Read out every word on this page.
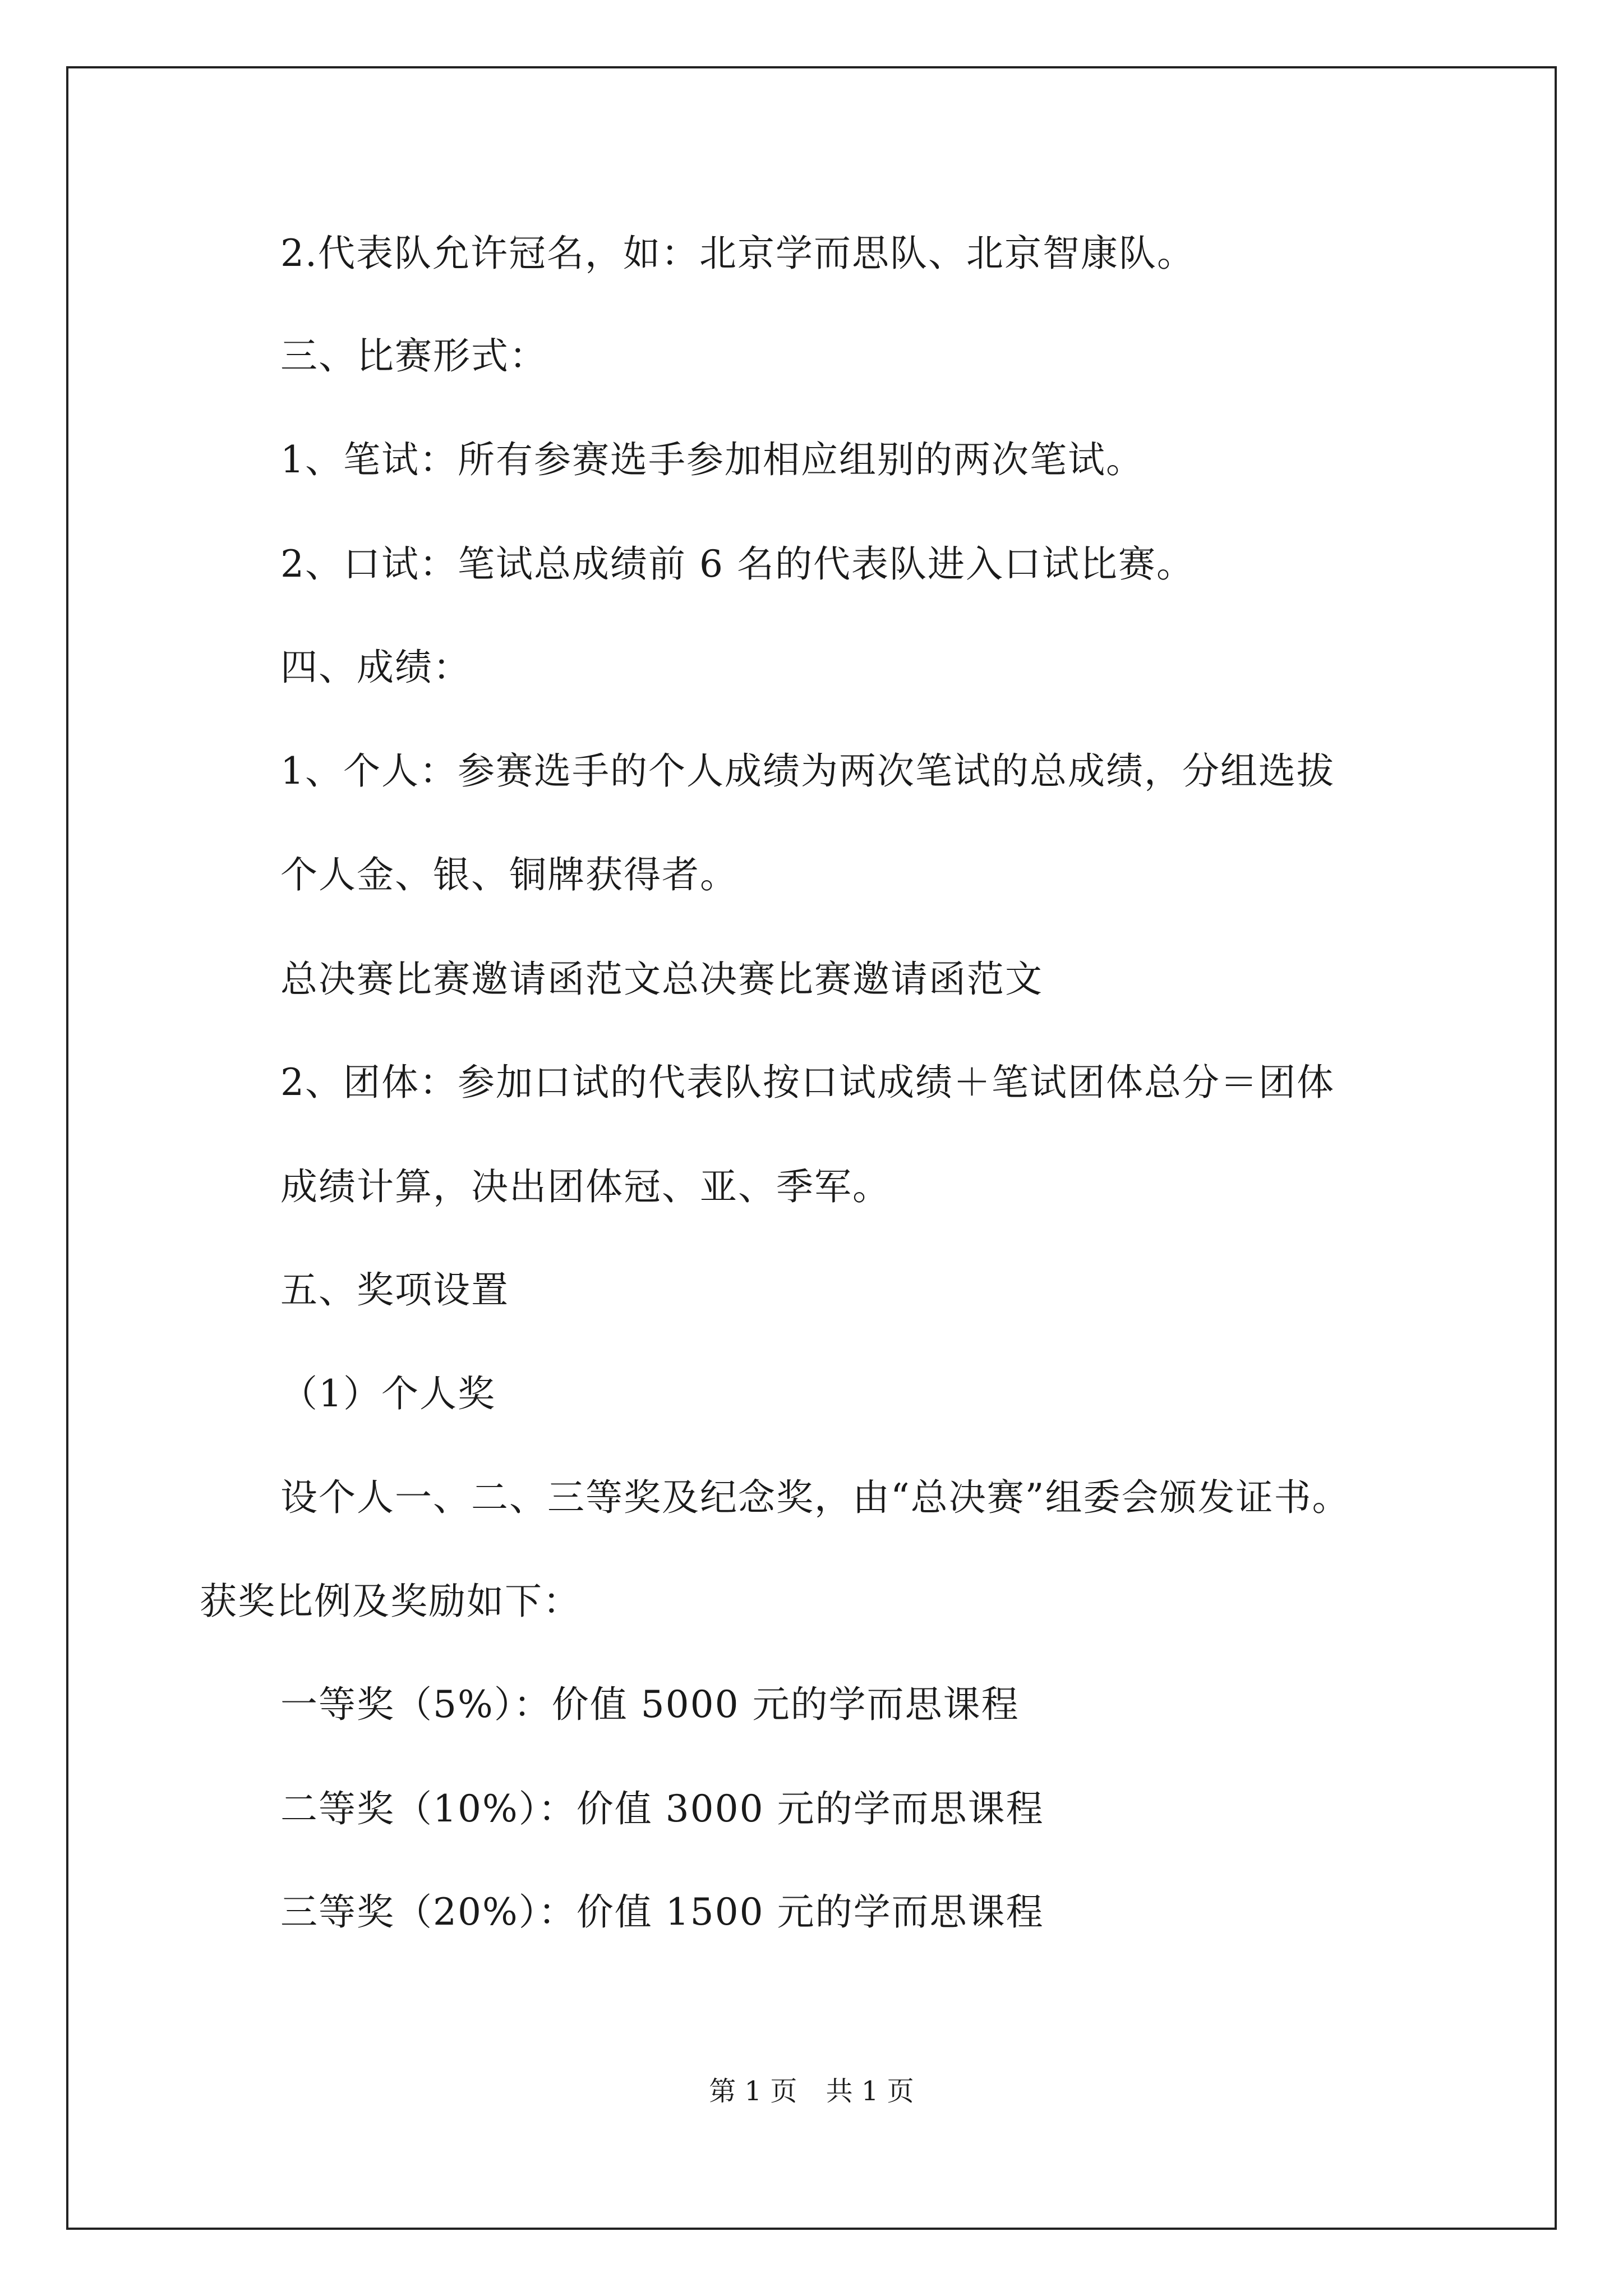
2.代表队允许冠名，如：北京学而思队、北京智康队。
三、比赛形式：
1、笔试：所有参赛选手参加相应组别的两次笔试。
2、口试：笔试总成绩前 6 名的代表队进入口试比赛。
四、成绩：
1、个人：参赛选手的个人成绩为两次笔试的总成绩，分组选拔
个人金、银、铜牌获得者。
总决赛比赛邀请函范文总决赛比赛邀请函范文
2、团体：参加口试的代表队按口试成绩＋笔试团体总分＝团体
成绩计算，决出团体冠、亚、季军。
五、奖项设置
（1）个人奖
设个人一、二、三等奖及纪念奖，由“总决赛”组委会颁发证书。
获奖比例及奖励如下：
一等奖（5%）：价值 5000 元的学而思课程
二等奖（10%）：价值 3000 元的学而思课程
三等奖（20%）：价值 1500 元的学而思课程
第 1 页 共 1 页
